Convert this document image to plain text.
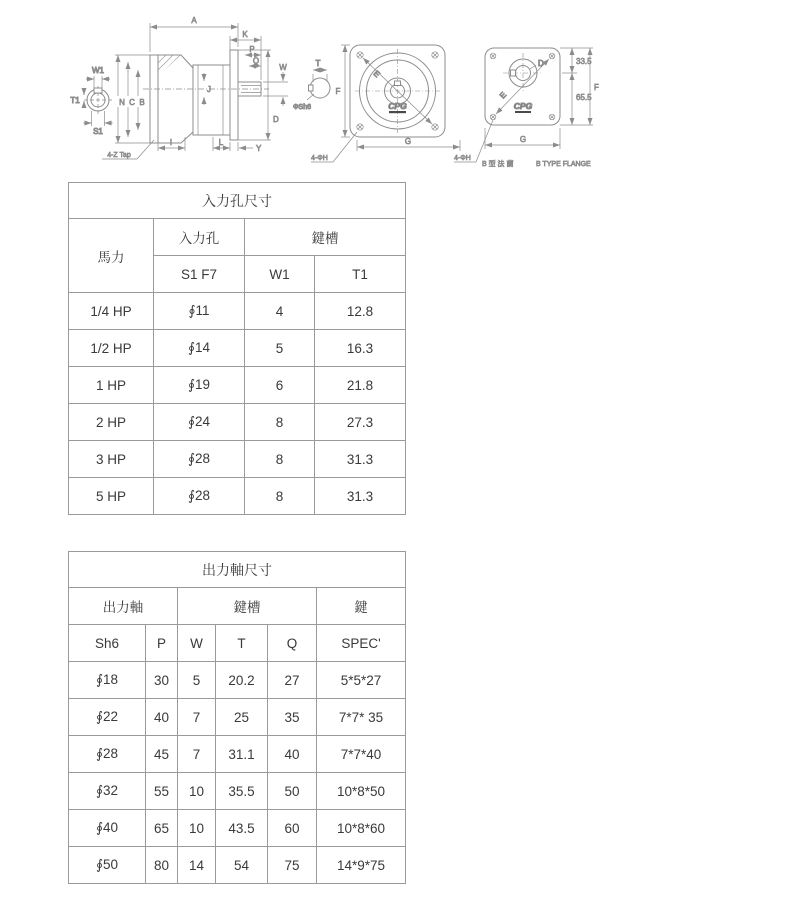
W1
T1
S1
A
K
P
Q
W
D
J
N C B
I	L
Y
4-Z Tap
T
ΦSh6
E
CPG
F
G
4-ΦH
E
D
CPG
33.5
65.5
F
G
4-ΦH
B 型 法 蘭	B TYPE FLANGE
入力孔尺寸			
馬力	入力孔	鍵槽	
	S1 F7	W1	T1
1/4 HP	∮11	4	12.8
1/2 HP	∮14	5	16.3
1 HP	∮19	6	21.8
2 HP	∮24	8	27.3
3 HP	∮28	8	31.3
5 HP	∮28	8	31.3
出力軸尺寸					
出力軸		鍵槽			鍵
Sh6	P	W	T	Q	SPEC'
∮18	30	5	20.2	27	5*5*27
∮22	40	7	25	35	7*7* 35
∮28	45	7	31.1	40	7*7*40
∮32	55	10	35.5	50	10*8*50
∮40	65	10	43.5	60	10*8*60
∮50	80	14	54	75	14*9*75
